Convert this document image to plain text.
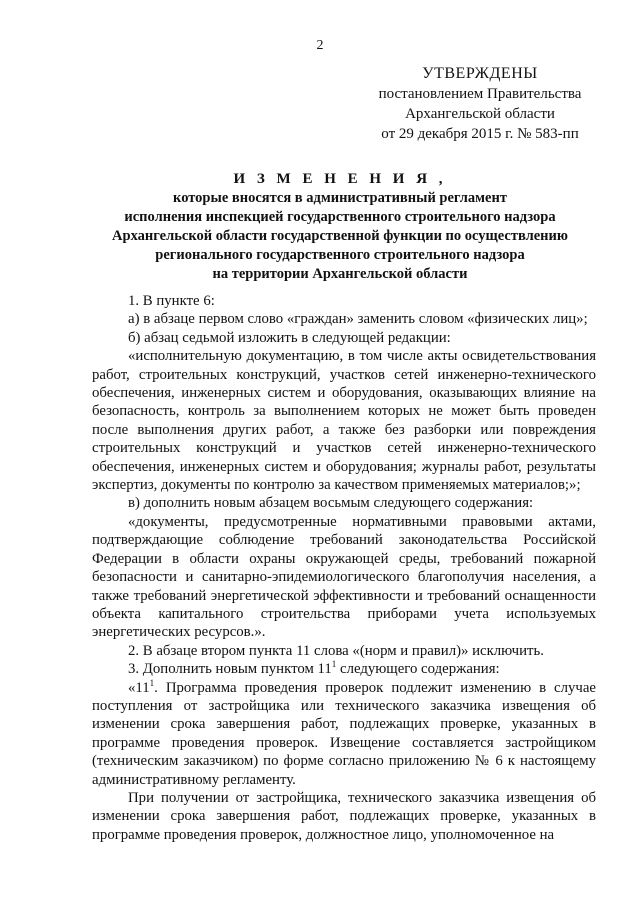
2
УТВЕРЖДЕНЫ
постановлением Правительства
Архангельской области
от 29 декабря 2015 г. № 583-пп
И З М Е Н Е Н И Я ,
которые вносятся в административный регламент
исполнения инспекцией государственного строительного надзора
Архангельской области государственной функции по осуществлению
регионального государственного строительного надзора
на территории Архангельской области

1. В пункте 6:

а) в абзаце первом слово «граждан» заменить словом «физических лиц»;

б) абзац седьмой изложить в следующей редакции:

«исполнительную документацию, в том числе акты освидетельствования работ, строительных конструкций, участков сетей инженерно-технического обеспечения, инженерных систем и оборудования, оказывающих влияние на безопасность, контроль за выполнением которых не может быть проведен после выполнения других работ, а также без разборки или повреждения строительных конструкций и участков сетей инженерно-технического обеспечения, инженерных систем и оборудования; журналы работ, результаты экспертиз, документы по контролю за качеством применяемых материалов;»;

в) дополнить новым абзацем восьмым следующего содержания:

«документы, предусмотренные нормативными правовыми актами, подтверждающие соблюдение требований законодательства Российской Федерации в области охраны окружающей среды, требований пожарной безопасности и санитарно-эпидемиологического благополучия населения, а также требований энергетической эффективности и требований оснащенности объекта капитального строительства приборами учета используемых энергетических ресурсов.».

2. В абзаце втором пункта 11 слова «(норм и правил)» исключить.

3. Дополнить новым пунктом $11^1$ следующего содержания:

«$11^1$. Программа проведения проверок подлежит изменению в случае поступления от застройщика или технического заказчика извещения об изменении срока завершения работ, подлежащих проверке, указанных в программе проведения проверок. Извещение составляется застройщиком (техническим заказчиком) по форме согласно приложению № 6 к настоящему административному регламенту.

При получении от застройщика, технического заказчика извещения об изменении срока завершения работ, подлежащих проверке, указанных в программе проведения проверок, должностное лицо, уполномоченное на
